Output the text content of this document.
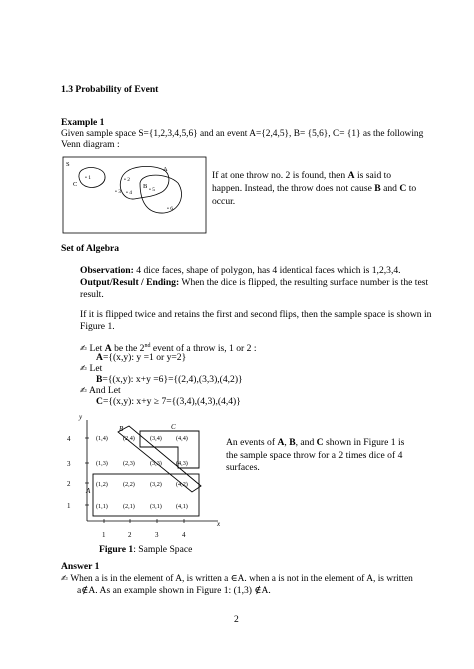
1.3 Probability of Event
Example 1
Given sample space S={1,2,3,4,5,6} and an event A={2,4,5}, B= {5,6}, C= {1} as the following
Venn diagram :
S
C
• 1
A
• 2
• 3 • 4
B • 5
• 6
If at one throw no. 2 is found, then A is said to
happen. Instead, the throw does not cause B and C to
occur.
Set of Algebra
Observation: 4 dice faces, shape of polygon, has 4 identical faces which is 1,2,3,4.
Output/Result / Ending: When the dice is flipped, the resulting surface number is the test result.
If it is flipped twice and retains the first and second flips, then the sample space is shown in Figure 1.
✍ Let A be the 2nd event of a throw is, 1 or 2 :
A={(x,y): y =1 or y=2}
✍ Let
B={(x,y): x+y =6}={(2,4),(3,3),(4,2)}
✍ And Let
C={(x,y): x+y ≥ 7={(3,4),(4,3),(4,4)}
y
x
4
3
2
1
1	2	3	4
A
B	C
(1,4) (2,4) (3,4) (4,4)
(1,3) (2,3) (3,3) (4,3)
(1,2) (2,2) (3,2) (4,2)
(1,1) (2,1) (3,1) (4,1)
An events of A, B, and C shown in Figure 1 is
the sample space throw for a 2 times dice of 4
surfaces.
Figure 1: Sample Space
Answer 1
✍ When a is in the element of A, is written a ∈A. when a is not in the element of A, is written
a∉A. As an example shown in Figure 1: (1,3) ∉A.
2
